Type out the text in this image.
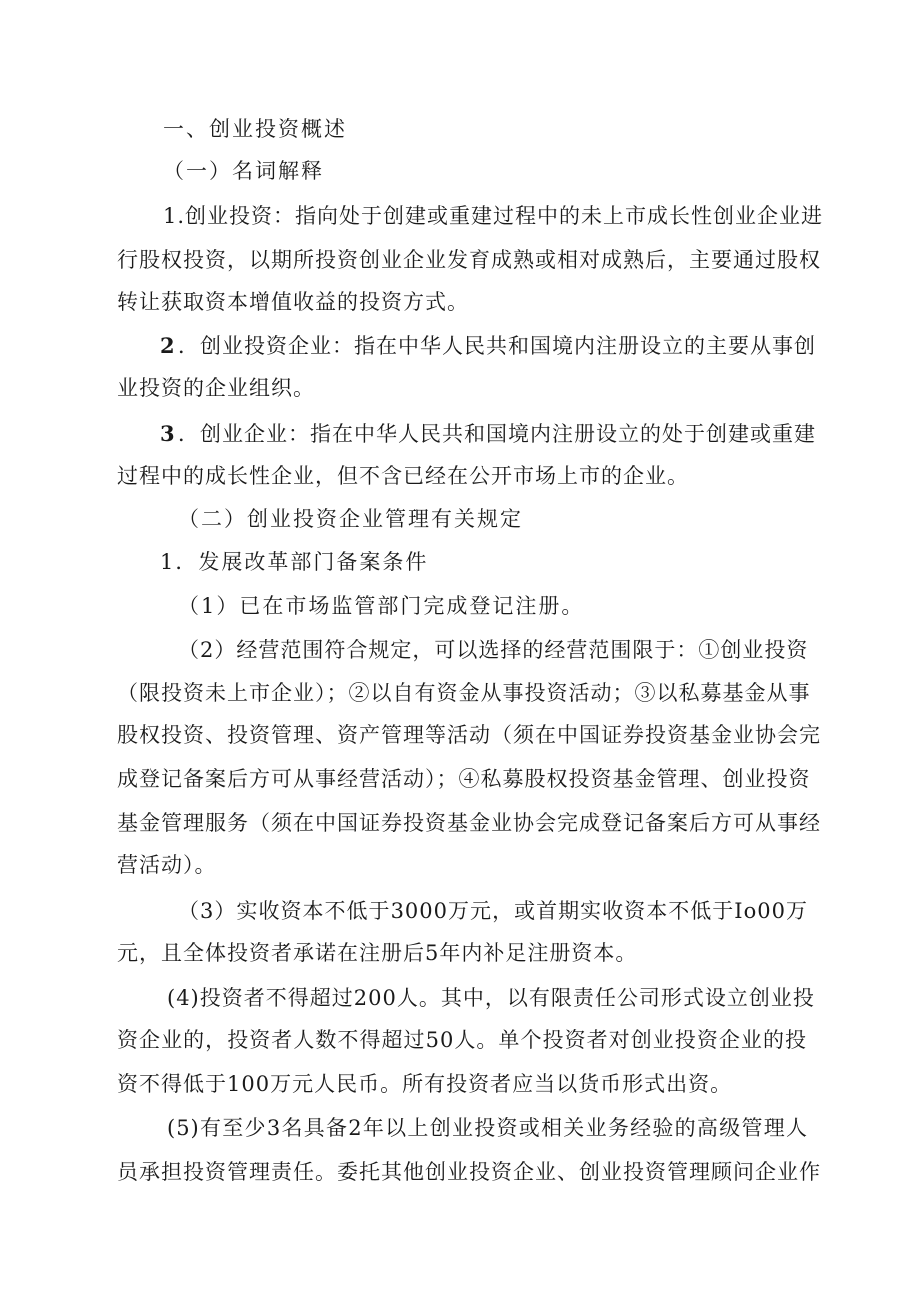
一、创业投资概述
（一）名词解释
1.创业投资：指向处于创建或重建过程中的未上市成长性创业企业进
行股权投资，以期所投资创业企业发育成熟或相对成熟后，主要通过股权
转让获取资本增值收益的投资方式。
2 ．创业投资企业：指在中华人民共和国境内注册设立的主要从事创
业投资的企业组织。
3 ．创业企业：指在中华人民共和国境内注册设立的处于创建或重建
过程中的成长性企业，但不含已经在公开市场上市的企业。
（二）创业投资企业管理有关规定
1．发展改革部门备案条件
（1）已在市场监管部门完成登记注册。
（2）经营范围符合规定，可以选择的经营范围限于：①创业投资
（限投资未上市企业）；②以自有资金从事投资活动；③以私募基金从事
股权投资、投资管理、资产管理等活动（须在中国证券投资基金业协会完
成登记备案后方可从事经营活动）；④私募股权投资基金管理、创业投资
基金管理服务（须在中国证券投资基金业协会完成登记备案后方可从事经
营活动）。
（3）实收资本不低于3000万元，或首期实收资本不低于Io00万
元，且全体投资者承诺在注册后5年内补足注册资本。
(4)投资者不得超过200人。其中，以有限责任公司形式设立创业投
资企业的，投资者人数不得超过50人。单个投资者对创业投资企业的投
资不得低于100万元人民币。所有投资者应当以货币形式出资。
(5)有至少3名具备2年以上创业投资或相关业务经验的高级管理人
员承担投资管理责任。委托其他创业投资企业、创业投资管理顾问企业作
